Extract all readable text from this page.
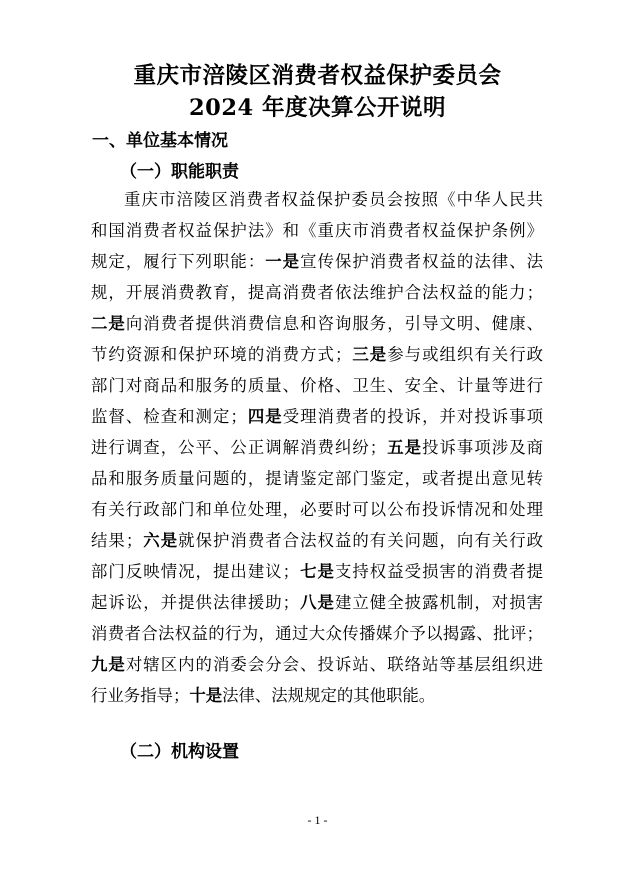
重庆市涪陵区消费者权益保护委员会
2024 年度决算公开说明
一、单位基本情况
（一）职能职责
重庆市涪陵区消费者权益保护委员会按照《中华人民共
和国消费者权益保护法》和《重庆市消费者权益保护条例》
规定，履行下列职能：一是宣传保护消费者权益的法律、法
规，开展消费教育，提高消费者依法维护合法权益的能力；
二是向消费者提供消费信息和咨询服务，引导文明、健康、
节约资源和保护环境的消费方式；三是参与或组织有关行政
部门对商品和服务的质量、价格、卫生、安全、计量等进行
监督、检查和测定；四是受理消费者的投诉，并对投诉事项
进行调查，公平、公正调解消费纠纷；五是投诉事项涉及商
品和服务质量问题的，提请鉴定部门鉴定，或者提出意见转
有关行政部门和单位处理，必要时可以公布投诉情况和处理
结果；六是就保护消费者合法权益的有关问题，向有关行政
部门反映情况，提出建议；七是支持权益受损害的消费者提
起诉讼，并提供法律援助；八是建立健全披露机制，对损害
消费者合法权益的行为，通过大众传播媒介予以揭露、批评；
九是对辖区内的消委会分会、投诉站、联络站等基层组织进
行业务指导；十是法律、法规规定的其他职能。
（二）机构设置
- 1 -
